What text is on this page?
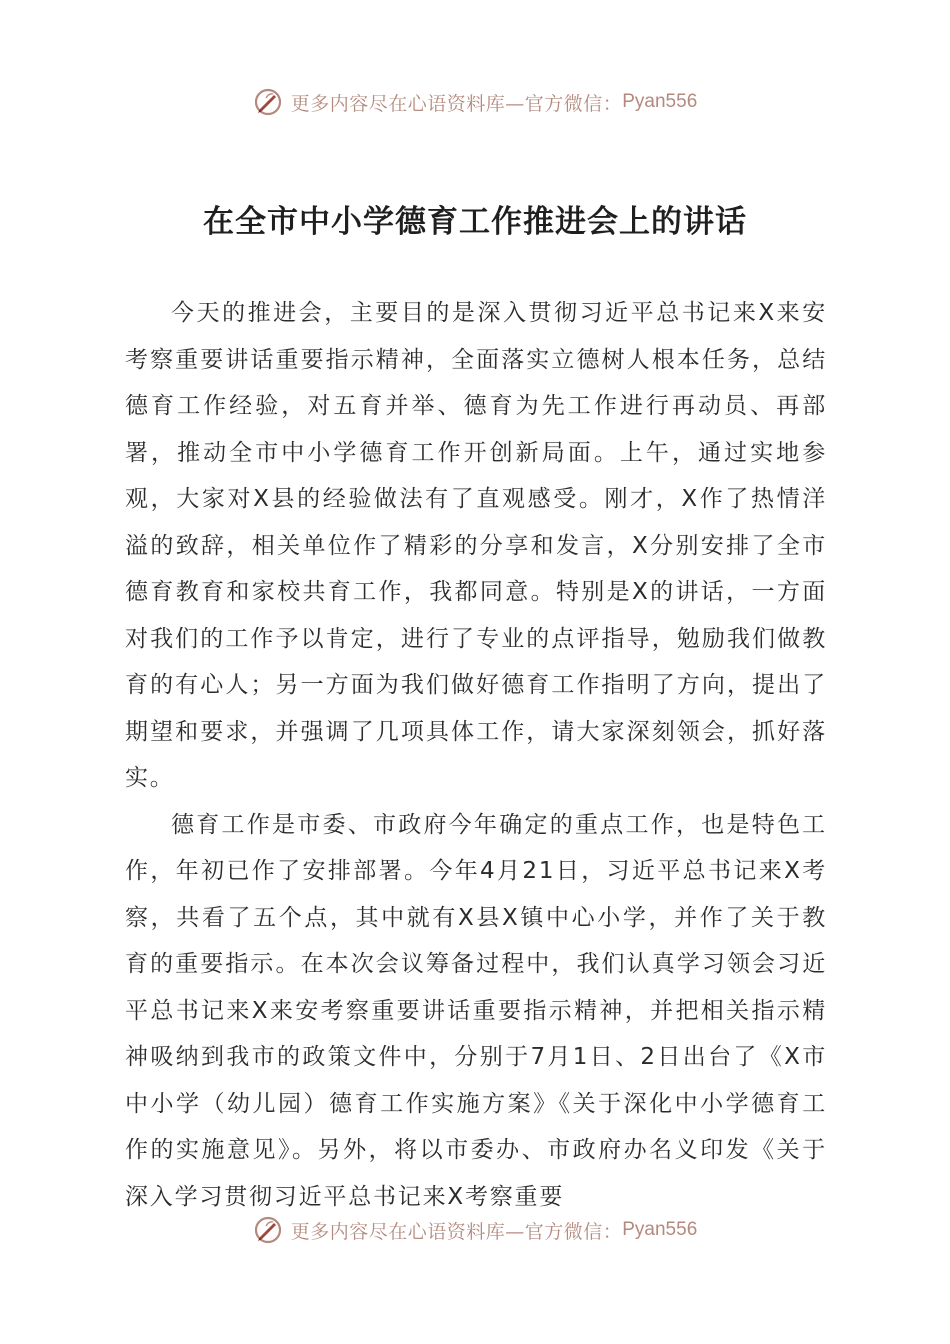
更多内容尽在心语资料库—官方微信： Pyan556
在全市中小学德育工作推进会上的讲话

今天的推进会，主要目的是深入贯彻习近平总书记来X来安考察重要讲话重要指示精神，全面落实立德树人根本任务，总结德育工作经验，对五育并举、德育为先工作进行再动员、再部署，推动全市中小学德育工作开创新局面。上午，通过实地参观，大家对X县的经验做法有了直观感受。刚才，X作了热情洋溢的致辞，相关单位作了精彩的分享和发言，X分别安排了全市德育教育和家校共育工作，我都同意。特别是X的讲话，一方面对我们的工作予以肯定，进行了专业的点评指导，勉励我们做教育的有心人；另一方面为我们做好德育工作指明了方向，提出了期望和要求，并强调了几项具体工作，请大家深刻领会，抓好落实。

德育工作是市委、市政府今年确定的重点工作，也是特色工作，年初已作了安排部署。今年4月21日，习近平总书记来X考察，共看了五个点，其中就有X县X镇中心小学，并作了关于教育的重要指示。在本次会议筹备过程中，我们认真学习领会习近平总书记来X来安考察重要讲话重要指示精神，并把相关指示精神吸纳到我市的政策文件中，分别于7月1日、2日出台了《X市中小学（幼儿园）德育工作实施方案》《关于深化中小学德育工作的实施意见》。另外，将以市委办、市政府办名义印发《关于深入学习贯彻习近平总书记来X考察重要

更多内容尽在心语资料库—官方微信： Pyan556
